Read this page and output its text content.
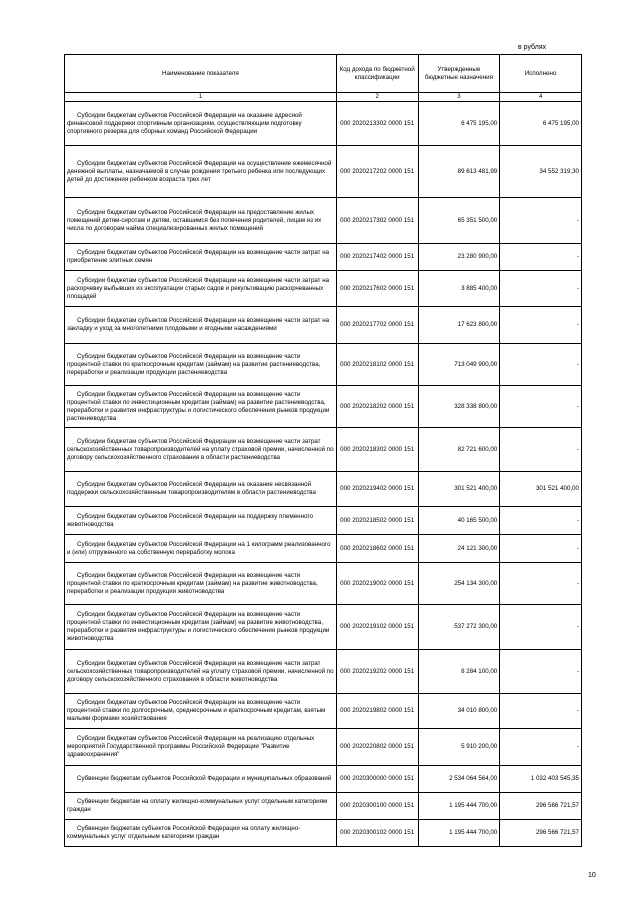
в рублях
Наименование показателя	Код дохода по бюджетной классификации	Утвержденные бюджетные назначения	Исполнено
1	2	3	4
Субсидии бюджетам субъектов Российской Федерации на оказание адресной финансовой поддержки спортивным организациям, осуществляющим подготовку спортивного резерва для сборных команд Российской Федерации	000 2020213302 0000 151	6 475 195,00	6 475 195,00
Субсидии бюджетам субъектов Российской Федерации на осуществление ежемесячной денежной выплаты, назначаемой в случае рождения третьего ребенка или последующих детей до достижения ребенком возраста трех лет	000 2020217202 0000 151	89 613 481,99	34 552 319,30
Субсидии бюджетам субъектов Российской Федерации на предоставление жилых помещений детям-сиротам и детям, оставшимся без попечения родителей, лицам из их числа по договорам найма специализированных жилых помещений	000 2020217302 0000 151	65 351 500,00	-
Субсидии бюджетам субъектов Российской Федерации на возмещение части затрат на приобретение элитных семян	000 2020217402 0000 151	23 280 900,00	-
Субсидии бюджетам субъектов Российской Федерации на возмещение части затрат на раскорчевку выбывших из эксплуатации старых садов и рекультивацию раскорчеванных площадей	000 2020217602 0000 151	3 885 400,00	-
Субсидии бюджетам субъектов Российской Федерации на возмещение части затрат на закладку и уход за многолетними плодовыми и ягодными насаждениями	000 2020217702 0000 151	17 623 800,00	-
Субсидии бюджетам субъектов Российской Федерации на возмещение части процентной ставки по краткосрочным кредитам (займам) на развитие растениеводства, переработки и реализации продукции растениеводства	000 2020218102 0000 151	713 049 900,00	-
Субсидии бюджетам субъектов Российской Федерации на возмещение части процентной ставки по инвестиционным кредитам (займам) на развитие растениеводства, переработки и развития инфраструктуры и логистического обеспечения рынков продукции растениеводства	000 2020218202 0000 151	328 338 800,00	-
Субсидии бюджетам субъектов Российской Федерации на возмещение части затрат сельскохозяйственных товаропроизводителей на уплату страховой премии, начисленной по договору сельскохозяйственного страхования в области растениеводства	000 2020218302 0000 151	82 721 600,00	-
Субсидии бюджетам субъектов Российской Федерации на оказание несвязанной поддержки сельскохозяйственным товаропроизводителям в области растениеводства	000 2020219402 0000 151	301 521 400,00	301 521 400,00
Субсидии бюджетам субъектов Российской Федерации на поддержку племенного животноводства	000 2020218502 0000 151	40 165 500,00	-
Субсидии бюджетам субъектов Российской Федерации на 1 килограмм реализованного и (или) отгруженного на собственную переработку молока	000 2020218602 0000 151	24 121 300,00	-
Субсидии бюджетам субъектов Российской Федерации на возмещение части процентной ставки по краткосрочным кредитам (займам) на развитие животноводства, переработки и реализации продукции животноводства	000 2020219002 0000 151	254 134 300,00	-
Субсидии бюджетам субъектов Российской Федерации на возмещение части процентной ставки по инвестиционным кредитам (займам) на развитие животноводства, переработки и развития инфраструктуры и логистического обеспечения рынков продукции животноводства	000 2020219102 0000 151	537 272 300,00	-
Субсидии бюджетам субъектов Российской Федерации на возмещение части затрат сельскохозяйственных товаропроизводителей на уплату страховой премии, начисленной по договору сельскохозяйственного страхования в области животноводства	000 2020219202 0000 151	8 284 100,00	-
Субсидии бюджетам субъектов Российской Федерации на возмещение части процентной ставки по долгосрочным, среднесрочным и краткосрочным кредитам, взятым малыми формами хозяйствования	000 2020219802 0000 151	34 010 800,00	-
Субсидии бюджетам субъектов Российской Федерации на реализацию отдельных мероприятий Государственной программы Российской Федерации "Развитие здравоохранения"	000 2020220802 0000 151	5 910 200,00	-
Субвенции бюджетам субъектов Российской Федерации и муниципальных образований	000 2020300000 0000 151	2 534 064 564,00	1 032 403 545,35
Субвенции бюджетам на оплату жилищно-коммунальных услуг отдельным категориям граждан	000 2020300100 0000 151	1 195 444 700,00	296 566 721,57
Субвенции бюджетам субъектов Российской Федерации на оплату жилищно-коммунальных услуг отдельным категориям граждан	000 2020300102 0000 151	1 195 444 700,00	296 566 721,57
10
